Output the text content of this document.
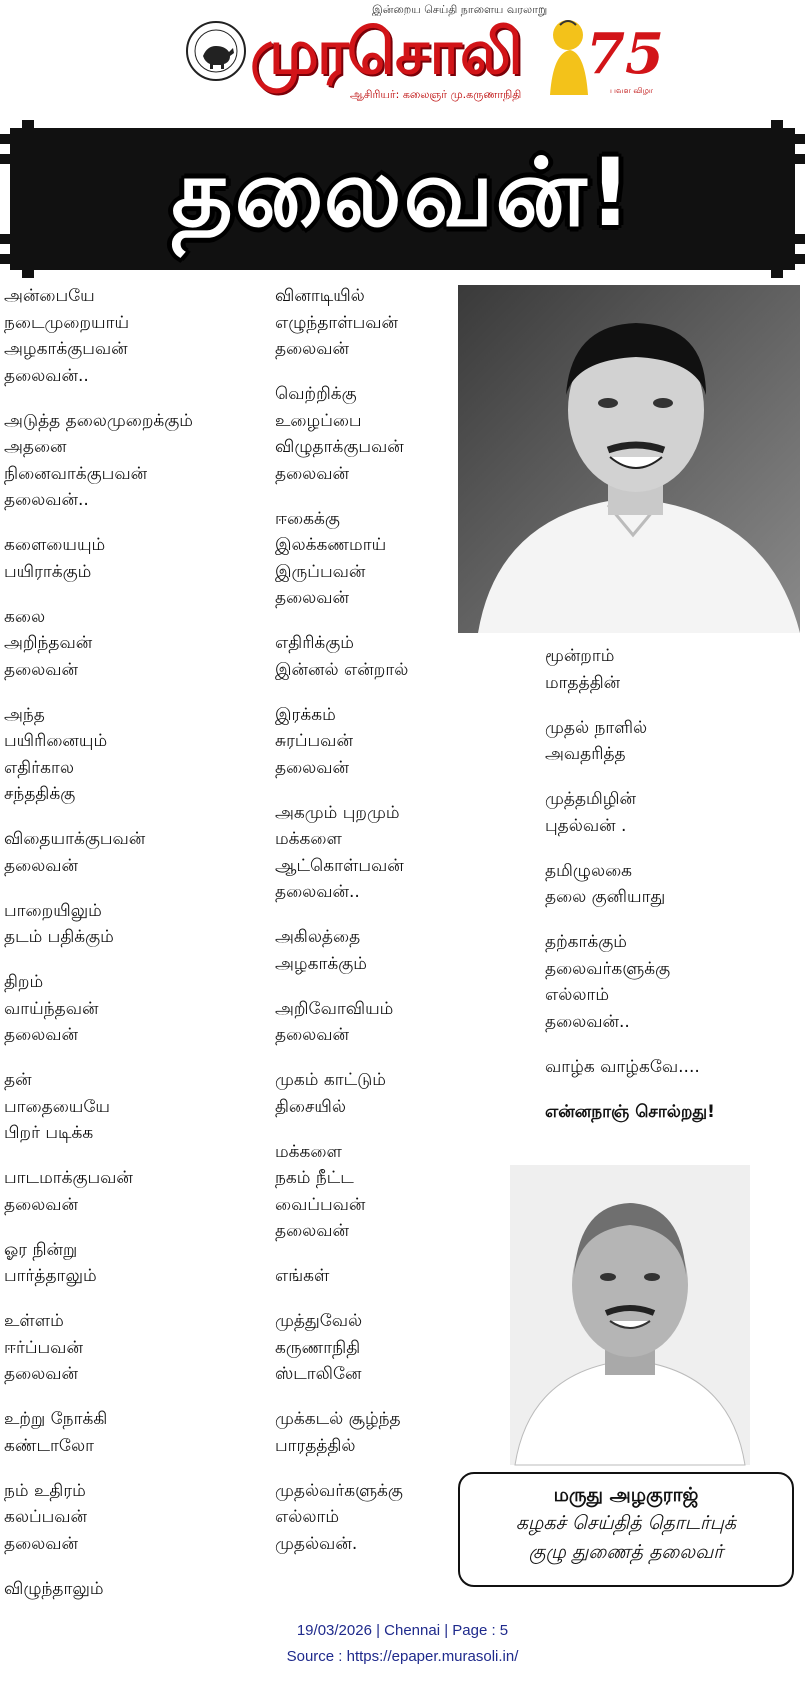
இன்றைய செய்தி நாளைய வரலாறு
முரசொலி
ஆசிரியர்: கலைஞர் மு.கருணாநிதி
75
பவள விழா
தலைவன்!
அன்பையே
நடைமுறையாய்
அழகாக்குபவன்
தலைவன்..
அடுத்த தலைமுறைக்கும்
அதனை
நினைவாக்குபவன்
தலைவன்..
களையையும்
பயிராக்கும்
கலை
அறிந்தவன்
தலைவன்
அந்த
பயிரினையும்
எதிர்கால
சந்ததிக்கு
விதையாக்குபவன்
தலைவன்
பாறையிலும்
தடம் பதிக்கும்
திறம்
வாய்ந்தவன்
தலைவன்
தன்
பாதையையே
பிறர் படிக்க
பாடமாக்குபவன்
தலைவன்
ஓர நின்று
பார்த்தாலும்
உள்ளம்
ஈர்ப்பவன்
தலைவன்
உற்று நோக்கி
கண்டாலோ
நம் உதிரம்
கலப்பவன்
தலைவன்
விழுந்தாலும்
வினாடியில்
எழுந்தாள்பவன்
தலைவன்
வெற்றிக்கு
உழைப்பை
விழுதாக்குபவன்
தலைவன்
ஈகைக்கு
இலக்கணமாய்
இருப்பவன்
தலைவன்
எதிரிக்கும்
இன்னல் என்றால்
இரக்கம்
சுரப்பவன்
தலைவன்
அகமும் புறமும்
மக்களை
ஆட்கொள்பவன்
தலைவன்..
அகிலத்தை
அழகாக்கும்
அறிவோவியம்
தலைவன்
முகம் காட்டும்
திசையில்
மக்களை
நகம் நீட்ட
வைப்பவன்
தலைவன்
எங்கள்
முத்துவேல்
கருணாநிதி
ஸ்டாலினே
முக்கடல் சூழ்ந்த
பாரதத்தில்
முதல்வர்களுக்கு
எல்லாம்
முதல்வன்.
மூன்றாம்
மாதத்தின்
முதல் நாளில்
அவதரித்த
முத்தமிழின்
புதல்வன் .
தமிழுலகை
தலை குனியாது
தற்காக்கும்
தலைவர்களுக்கு
எல்லாம்
தலைவன்..
வாழ்க வாழ்கவே....
என்னநாஞ் சொல்றது!
மருது அழகுராஜ்
கழகச் செய்தித் தொடர்புக்
குழு துணைத் தலைவர்
19/03/2026 | Chennai | Page : 5
Source : https://epaper.murasoli.in/
